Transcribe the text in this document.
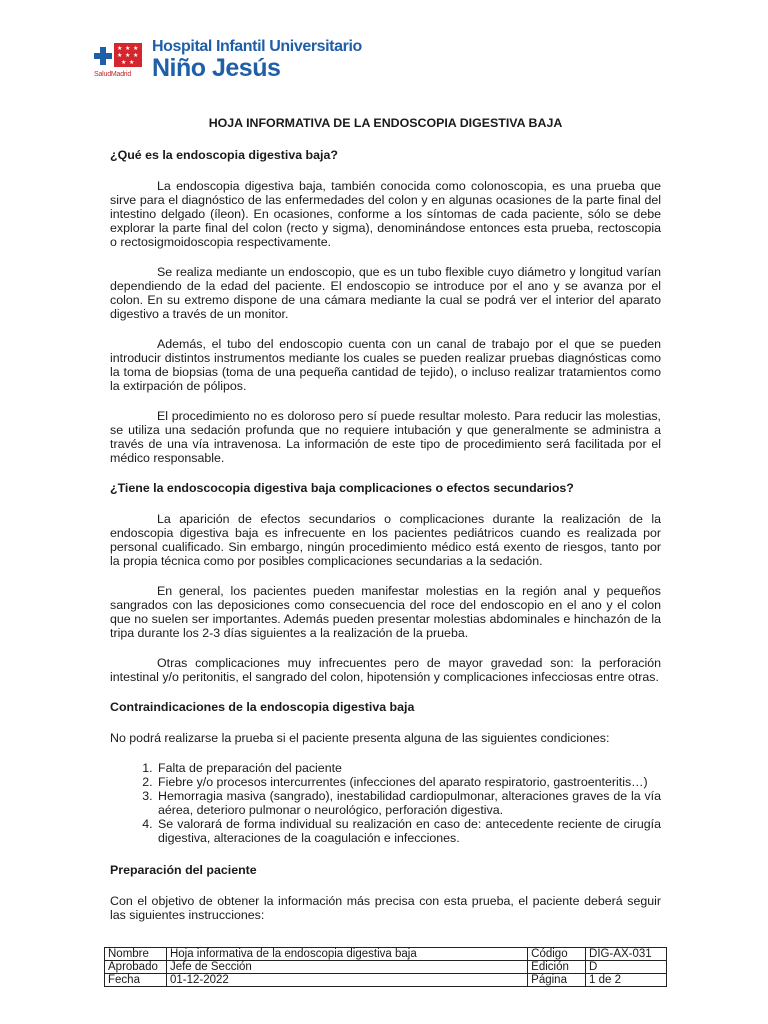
★ ★ ★
★ ★ ★
★ ★
SaludMadrid
Hospital Infantil Universitario
Niño Jesús
HOJA INFORMATIVA DE LA ENDOSCOPIA DIGESTIVA BAJA
¿Qué es la endoscopia digestiva baja?
La endoscopia digestiva baja, también conocida como colonoscopia, es una prueba que sirve para el diagnóstico de las enfermedades del colon y en algunas ocasiones de la parte final del intestino delgado (íleon). En ocasiones, conforme a los síntomas de cada paciente, sólo se debe explorar la parte final del colon (recto y sigma), denominándose entonces esta prueba, rectoscopia o rectosigmoidoscopia respectivamente.
Se realiza mediante un endoscopio, que es un tubo flexible cuyo diámetro y longitud varían dependiendo de la edad del paciente. El endoscopio se introduce por el ano y se avanza por el colon. En su extremo dispone de una cámara mediante la cual se podrá ver el interior del aparato digestivo a través de un monitor.
Además, el tubo del endoscopio cuenta con un canal de trabajo por el que se pueden introducir distintos instrumentos mediante los cuales se pueden realizar pruebas diagnósticas como la toma de biopsias (toma de una pequeña cantidad de tejido), o incluso realizar tratamientos como la extirpación de pólipos.
El procedimiento no es doloroso pero sí puede resultar molesto. Para reducir las molestias, se utiliza una sedación profunda que no requiere intubación y que generalmente se administra a través de una vía intravenosa. La información de este tipo de procedimiento será facilitada por el médico responsable.
¿Tiene la endoscocopia digestiva baja complicaciones o efectos secundarios?
La aparición de efectos secundarios o complicaciones durante la realización de la endoscopia digestiva baja es infrecuente en los pacientes pediátricos cuando es realizada por personal cualificado. Sin embargo, ningún procedimiento médico está exento de riesgos, tanto por la propia técnica como por posibles complicaciones secundarias a la sedación.
En general, los pacientes pueden manifestar molestias en la región anal y pequeños sangrados con las deposiciones como consecuencia del roce del endoscopio en el ano y el colon que no suelen ser importantes. Además pueden presentar molestias abdominales e hinchazón de la tripa durante los 2-3 días siguientes a la realización de la prueba.
Otras complicaciones muy infrecuentes pero de mayor gravedad son: la perforación intestinal y/o peritonitis, el sangrado del colon, hipotensión y complicaciones infecciosas entre otras.
Contraindicaciones de la endoscopia digestiva baja
No podrá realizarse la prueba si el paciente presenta alguna de las siguientes condiciones:
1. Falta de preparación del paciente
2. Fiebre y/o procesos intercurrentes (infecciones del aparato respiratorio, gastroenteritis…)
3. Hemorragia masiva (sangrado), inestabilidad cardiopulmonar, alteraciones graves de la vía aérea, deterioro pulmonar o neurológico, perforación digestiva.
4. Se valorará de forma individual su realización en caso de: antecedente reciente de cirugía digestiva, alteraciones de la coagulación e infecciones.
Preparación del paciente
Con el objetivo de obtener la información más precisa con esta prueba, el paciente deberá seguir las siguientes instrucciones:
Nombre	Hoja informativa de la endoscopia digestiva baja	Código	DIG-AX-031
Aprobado	Jefe de Sección	Edición	D
Fecha	01-12-2022	Página	1 de 2
